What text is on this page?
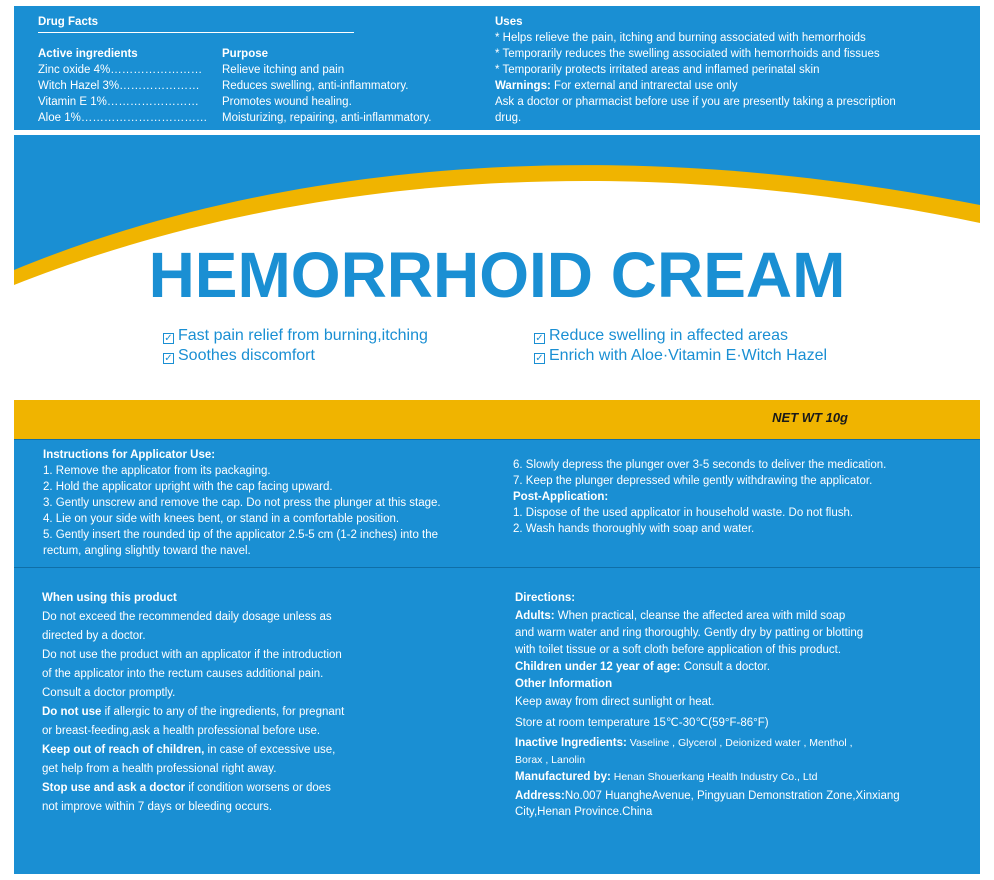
Drug Facts
Active ingredients	Purpose
Zinc oxide 4%…………………… Relieve itching and pain
Witch Hazel 3%………………… Reduces swelling, anti-inflammatory.
Vitamin E 1%…………………… Promotes wound healing.
Aloe 1%…………………………… Moisturizing, repairing, anti-inflammatory.
Uses
* Helps relieve the pain, itching and burning associated with hemorrhoids
* Temporarily reduces the swelling associated with hemorrhoids and fissues
* Temporarily protects irritated areas and inflamed perinatal skin
Warnings: For external and intrarectal use only
Ask a doctor or pharmacist before use if you are presently taking a prescription
drug.
HEMORRHOID CREAM
✓ Fast pain relief from burning,itching
✓ Soothes discomfort
✓ Reduce swelling in affected areas
✓ Enrich with Aloe·Vitamin E·Witch Hazel
NET WT 10g
Instructions for Applicator Use:
1. Remove the applicator from its packaging.
2. Hold the applicator upright with the cap facing upward.
3. Gently unscrew and remove the cap. Do not press the plunger at this stage.
4. Lie on your side with knees bent, or stand in a comfortable position.
5. Gently insert the rounded tip of the applicator 2.5-5 cm (1-2 inches) into the
rectum, angling slightly toward the navel.
6. Slowly depress the plunger over 3-5 seconds to deliver the medication.
7. Keep the plunger depressed while gently withdrawing the applicator.
Post-Application:
1. Dispose of the used applicator in household waste. Do not flush.
2. Wash hands thoroughly with soap and water.
When using this product
Do not exceed the recommended daily dosage unless as
directed by a doctor.
Do not use the product with an applicator if the introduction
of the applicator into the rectum causes additional pain.
Consult a doctor promptly.
Do not use if allergic to any of the ingredients, for pregnant
or breast-feeding,ask a health professional before use.
Keep out of reach of children, in case of excessive use,
get help from a health professional right away.
Stop use and ask a doctor if condition worsens or does
not improve within 7 days or bleeding occurs.
Directions:
Adults: When practical, cleanse the affected area with mild soap
and warm water and ring thoroughly. Gently dry by patting or blotting
with toilet tissue or a soft cloth before application of this product.
Children under 12 year of age: Consult a doctor.
Other Information
Keep away from direct sunlight or heat.
Store at room temperature 15℃-30℃(59°F-86°F)
Inactive Ingredients: Vaseline , Glycerol , Deionized water , Menthol ,
Borax , Lanolin
Manufactured by: Henan Shouerkang Health Industry Co., Ltd
Address:No.007 HuangheAvenue, Pingyuan Demonstration Zone,Xinxiang
City,Henan Province.China
